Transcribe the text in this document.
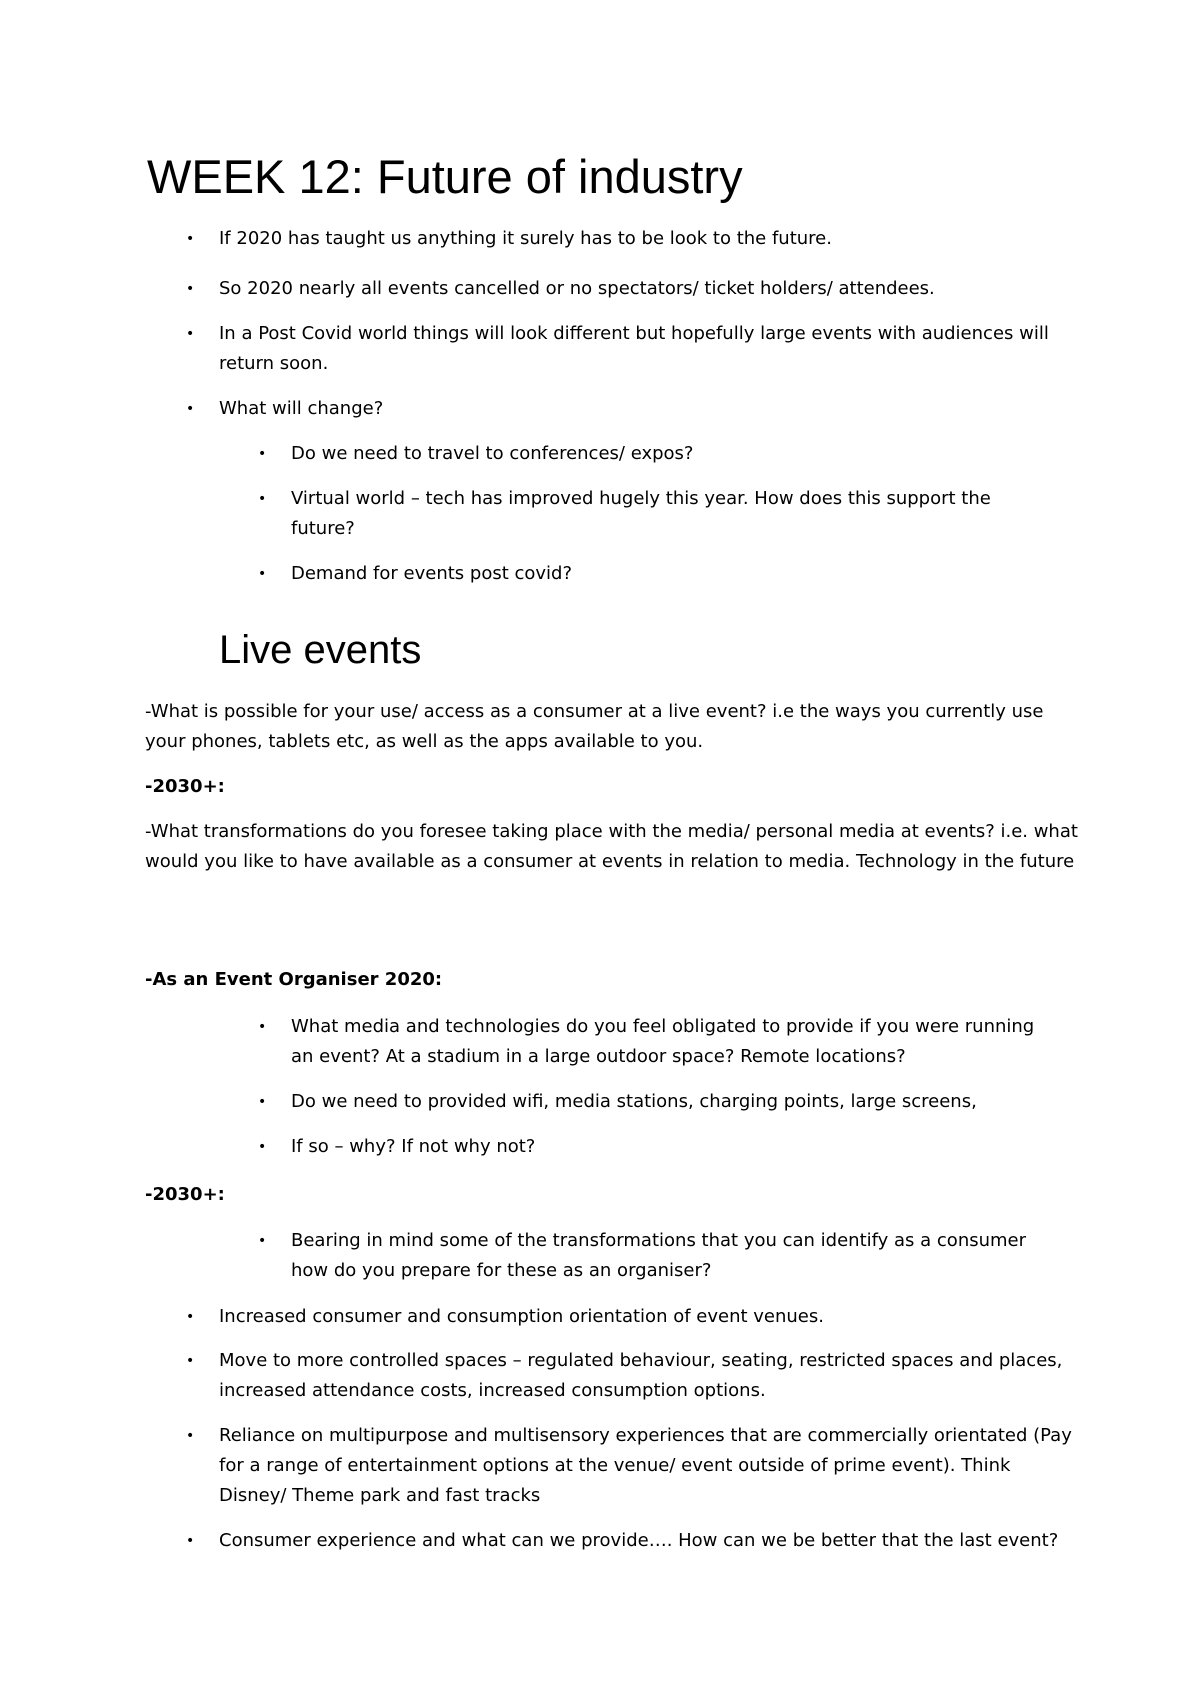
WEEK 12: Future of industry
• If 2020 has taught us anything it surely has to be look to the future.

• So 2020 nearly all events cancelled or no spectators/ ticket holders/ attendees.

• In a Post Covid world things will look different but hopefully large events with audiences will return soon.

• What will change?

• Do we need to travel to conferences/ expos?

• Virtual world – tech has improved hugely this year. How does this support the future?

• Demand for events post covid?

Live events

-What is possible for your use/ access as a consumer at a live event? i.e the ways you currently use your phones, tablets etc, as well as the apps available to you.

-2030+:

-What transformations do you foresee taking place with the media/ personal media at events? i.e. what would you like to have available as a consumer at events in relation to media. Technology in the future

-As an Event Organiser 2020:

• What media and technologies do you feel obligated to provide if you were running an event? At a stadium in a large outdoor space? Remote locations?

• Do we need to provided wifi, media stations, charging points, large screens,

• If so – why? If not why not?

-2030+:

• Bearing in mind some of the transformations that you can identify as a consumer how do you prepare for these as an organiser?

• Increased consumer and consumption orientation of event venues.

• Move to more controlled spaces – regulated behaviour, seating, restricted spaces and places, increased attendance costs, increased consumption options.

• Reliance on multipurpose and multisensory experiences that are commercially orientated (Pay for a range of entertainment options at the venue/ event outside of prime event). Think Disney/ Theme park and fast tracks

• Consumer experience and what can we provide…. How can we be better that the last event?
